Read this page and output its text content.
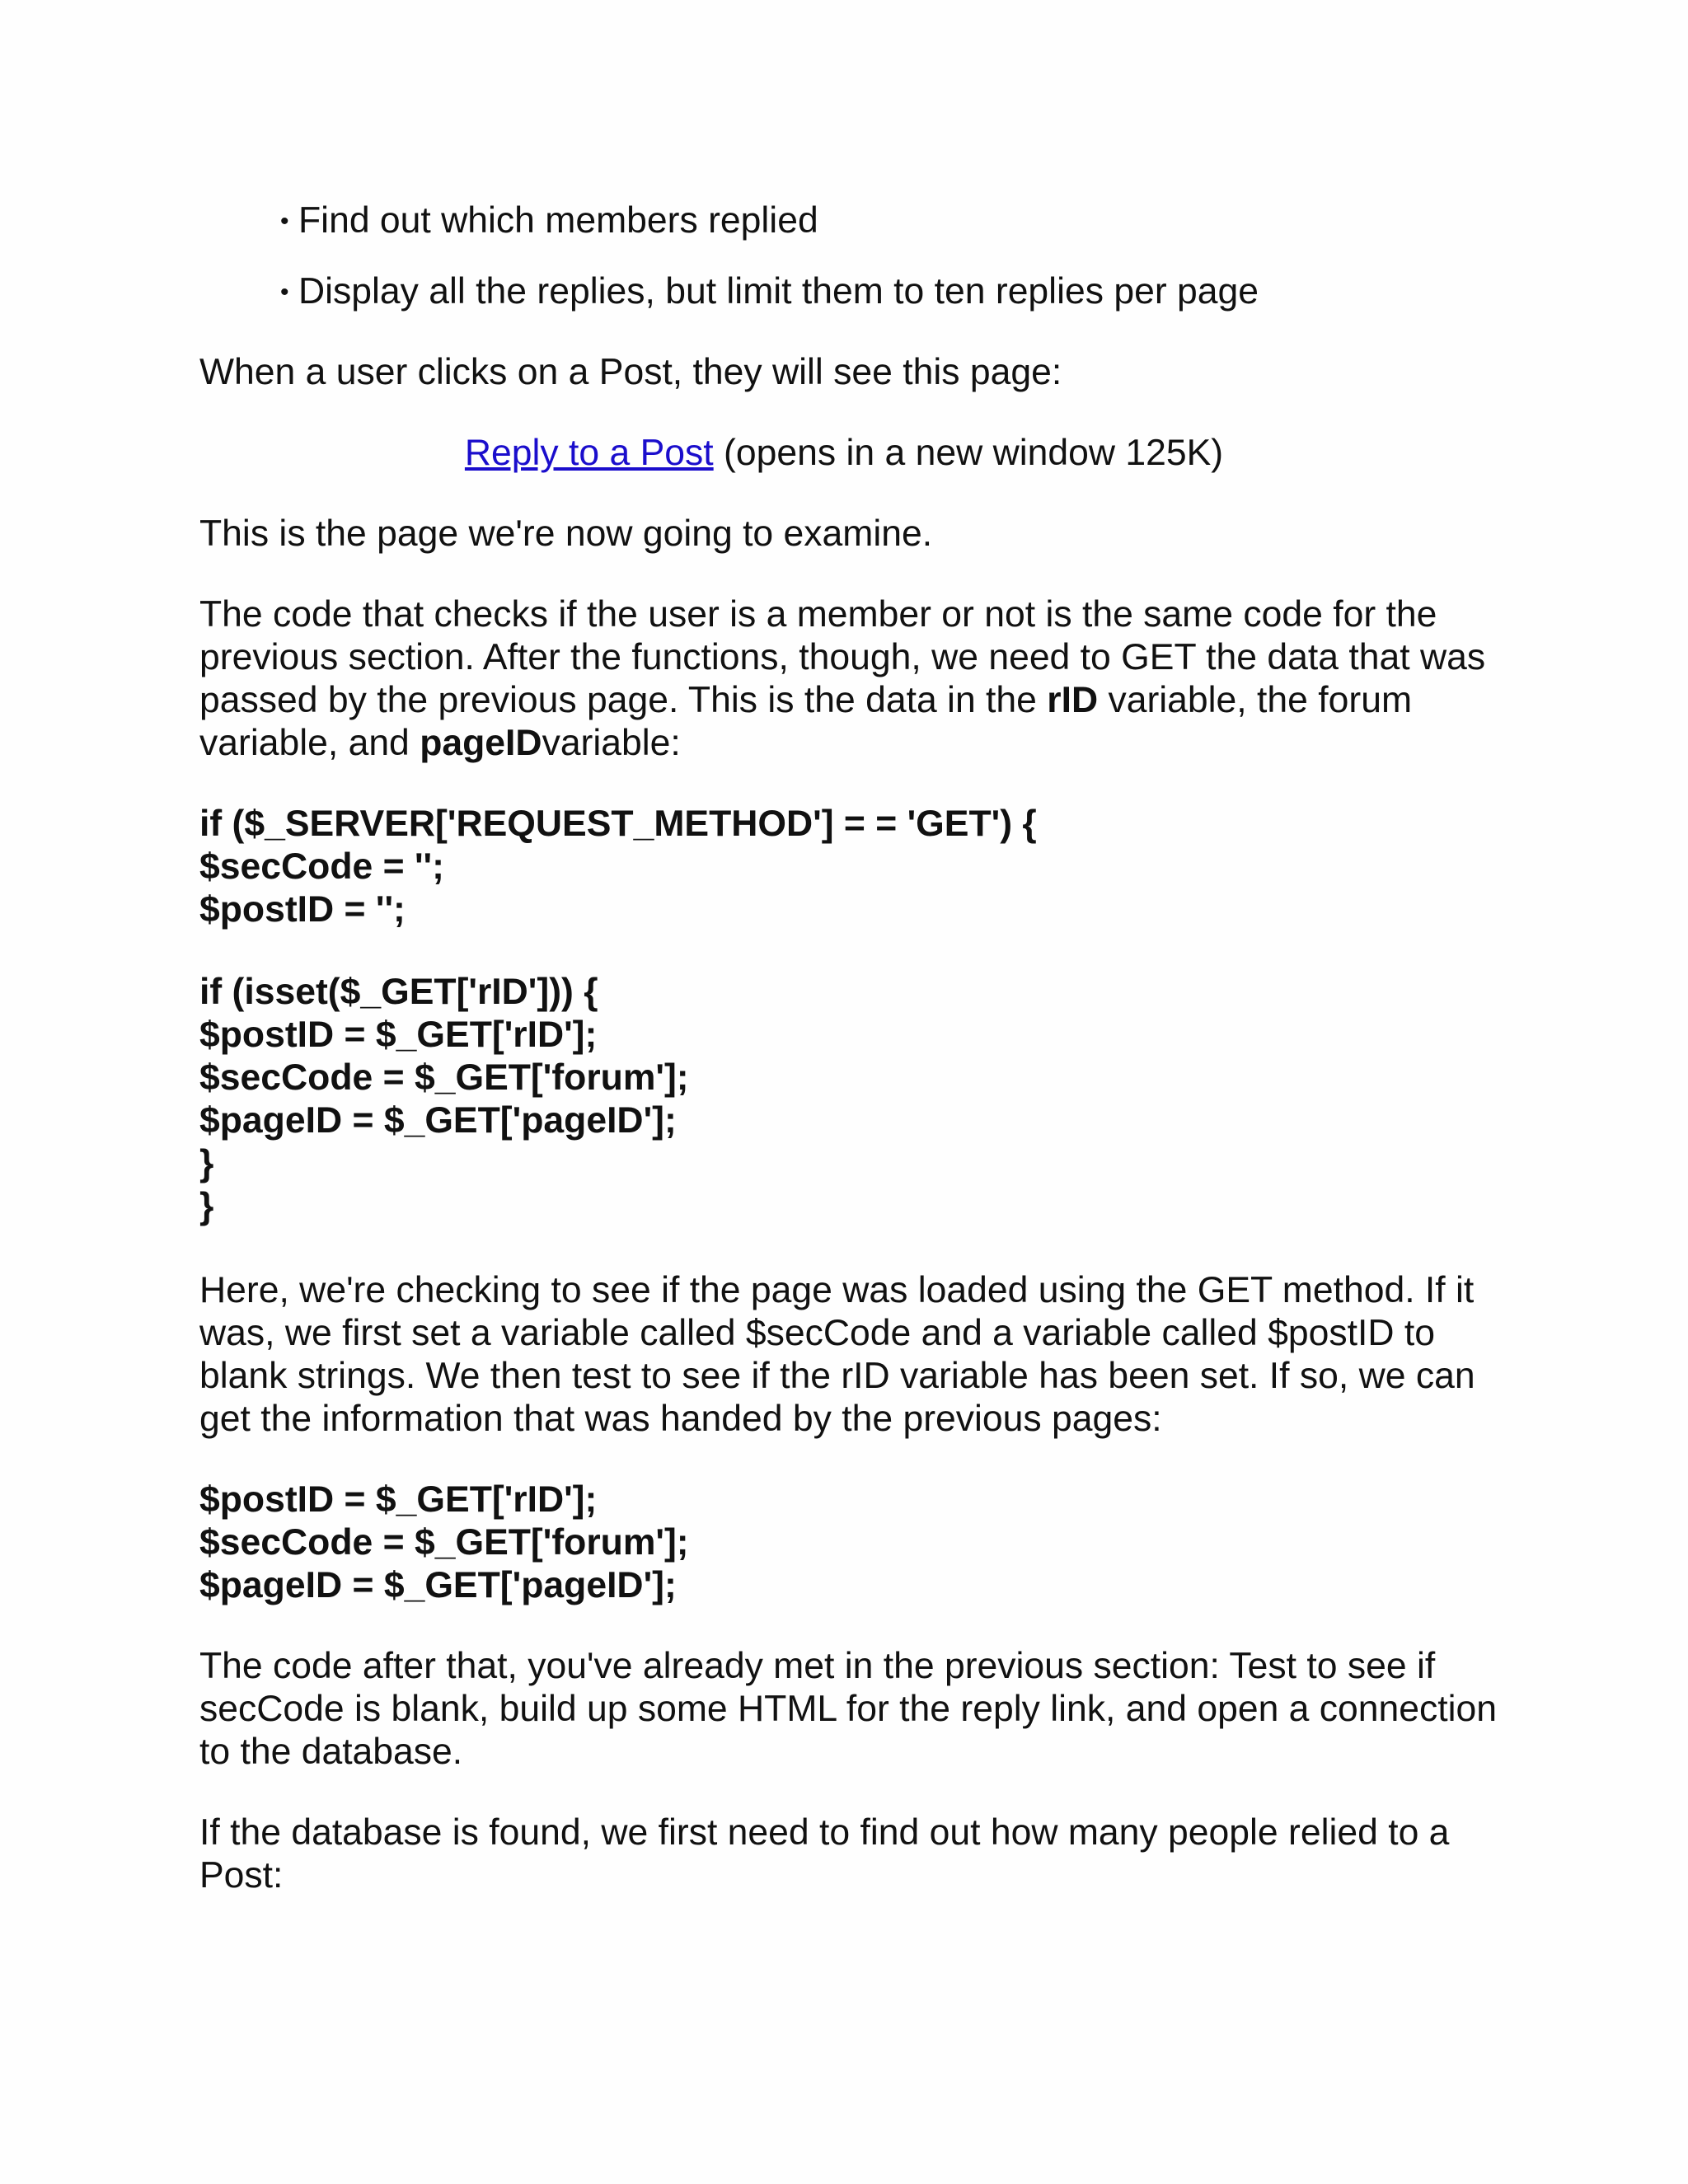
• Find out which members replied
• Display all the replies, but limit them to ten replies per page

When a user clicks on a Post, they will see this page:

Reply to a Post (opens in a new window 125K)

This is the page we're now going to examine.

The code that checks if the user is a member or not is the same code for the previous section. After the functions, though, we need to GET the data that was passed by the previous page. This is the data in the rID variable, the forum variable, and pageIDvariable:

if ($_SERVER['REQUEST_METHOD'] = = 'GET') {
$secCode = '';
$postID = '';
if (isset($_GET['rID'])) {
$postID = $_GET['rID'];
$secCode = $_GET['forum'];
$pageID = $_GET['pageID'];
}
}

Here, we're checking to see if the page was loaded using the GET method. If it was, we first set a variable called $secCode and a variable called $postID to blank strings. We then test to see if the rID variable has been set. If so, we can get the information that was handed by the previous pages:

$postID = $_GET['rID'];
$secCode = $_GET['forum'];
$pageID = $_GET['pageID'];

The code after that, you've already met in the previous section: Test to see if secCode is blank, build up some HTML for the reply link, and open a connection to the database.

If the database is found, we first need to find out how many people relied to a Post:
